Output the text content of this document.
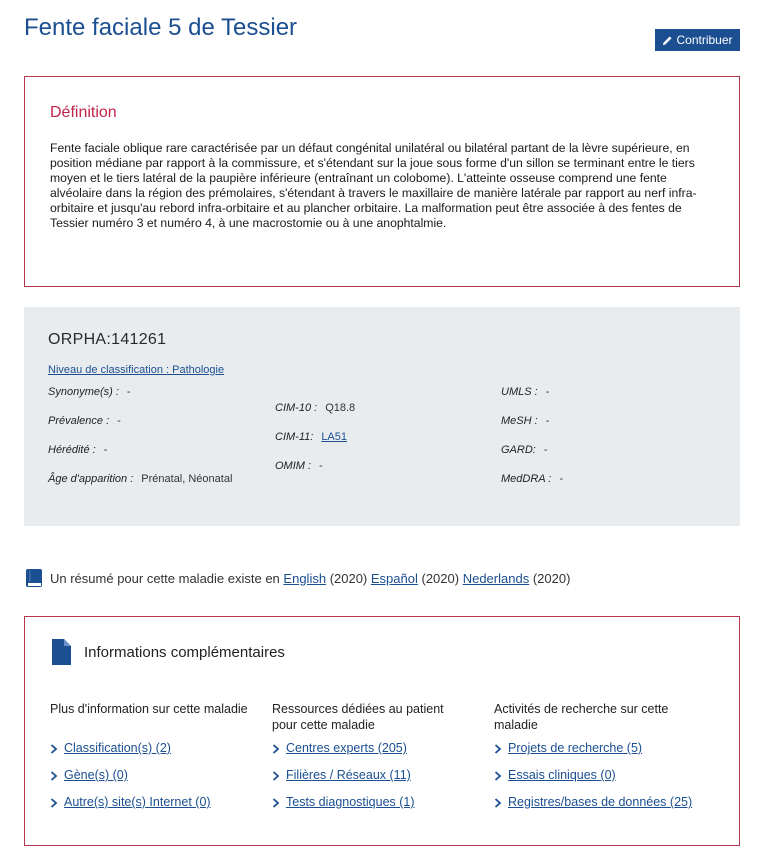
Fente faciale 5 de Tessier	Contribuer
Définition
Fente faciale oblique rare caractérisée par un défaut congénital unilatéral ou bilatéral partant de la lèvre supérieure, en position médiane par rapport à la commissure, et s'étendant sur la joue sous forme d'un sillon se terminant entre le tiers moyen et le tiers latéral de la paupière inférieure (entraînant un colobome). L'atteinte osseuse comprend une fente alvéolaire dans la région des prémolaires, s'étendant à travers le maxillaire de manière latérale par rapport au nerf infra-orbitaire et jusqu'au rebord infra-orbitaire et au plancher orbitaire. La malformation peut être associée à des fentes de Tessier numéro 3 et numéro 4, à une macrostomie ou à une anophtalmie.
ORPHA:141261
Niveau de classification : Pathologie
Synonyme(s) : -
Prévalence : -
Hérédité : -
Âge d'apparition : Prénatal, Néonatal
CIM-10 : Q18.8
CIM-11: LA51
OMIM : -
UMLS : -
MeSH : -
GARD: -
MedDRA : -
Un résumé pour cette maladie existe en
English
(2020)
Español
(2020)
Nederlands
(2020)
Informations complémentaires
Plus d'information sur cette maladie
Classification(s) (2)
Gène(s) (0)
Autre(s) site(s) Internet (0)
Ressources dédiées au patient pour cette maladie
Centres experts (205)
Filières / Réseaux (11)
Tests diagnostiques (1)
Activités de recherche sur cette maladie
Projets de recherche (5)
Essais cliniques (0)
Registres/bases de données (25)
